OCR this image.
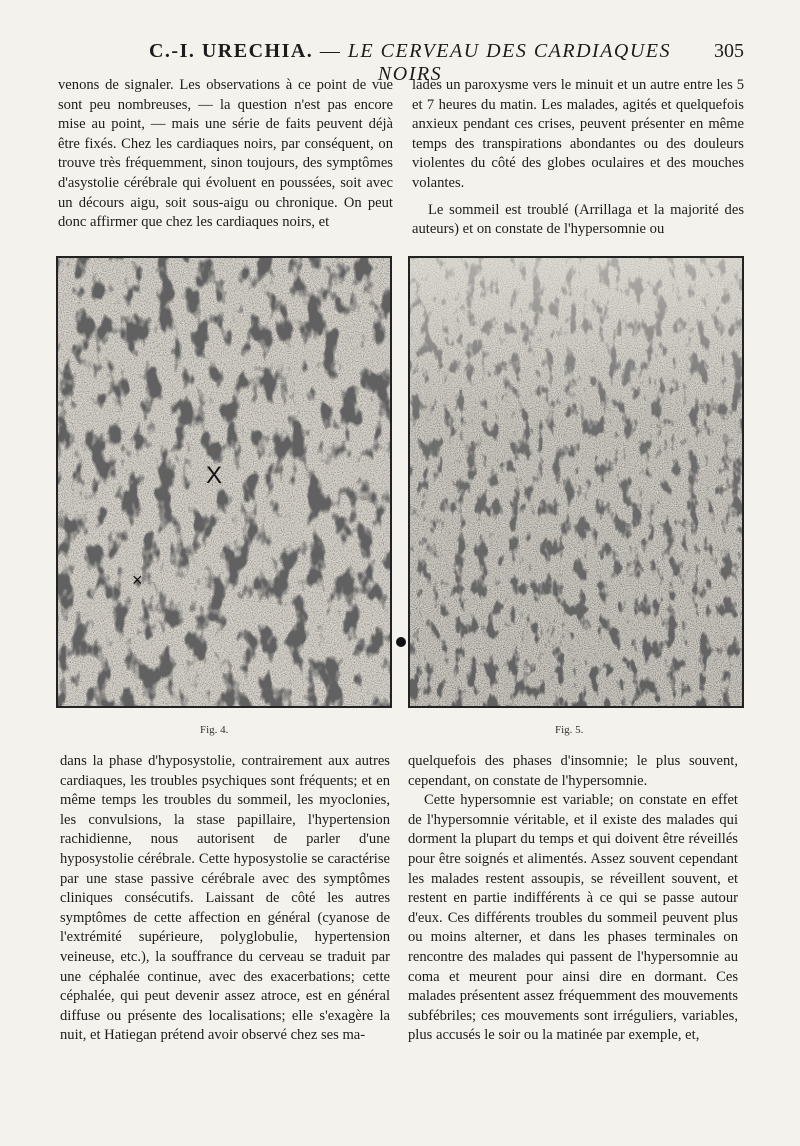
C.-I. URECHIA. — LE CERVEAU DES CARDIAQUES NOIRS
305

venons de signaler. Les observations à ce point de vue sont peu nombreuses, — la question n'est pas encore mise au point, — mais une série de faits peuvent déjà être fixés. Chez les cardiaques noirs, par conséquent, on trouve très fréquemment, sinon toujours, des symptômes d'asystolie cérébrale qui évoluent en poussées, soit avec un décours aigu, soit sous-aigu ou chronique. On peut donc affirmer que chez les cardiaques noirs, et

lades un paroxysme vers le minuit et un autre entre les 5 et 7 heures du matin. Les malades, agités et quelquefois anxieux pendant ces crises, peuvent présenter en même temps des transpirations abondantes ou des douleurs violentes du côté des globes oculaires et des mouches volantes.

Le sommeil est troublé (Arrillaga et la majorité des auteurs) et on constate de l'hypersomnie ou

X
×
Fig. 4.	Fig. 5.

dans la phase d'hyposystolie, contrairement aux autres cardiaques, les troubles psychiques sont fréquents; et en même temps les troubles du sommeil, les myoclonies, les convulsions, la stase papillaire, l'hypertension rachidienne, nous autorisent de parler d'une hyposystolie cérébrale. Cette hyposystolie se caractérise par une stase passive cérébrale avec des symptômes cliniques consécutifs. Laissant de côté les autres symptômes de cette affection en général (cyanose de l'extrémité supérieure, polyglobulie, hypertension veineuse, etc.), la souffrance du cerveau se traduit par une céphalée continue, avec des exacerbations; cette céphalée, qui peut devenir assez atroce, est en général diffuse ou présente des localisations; elle s'exagère la nuit, et Hatiegan prétend avoir observé chez ses ma-

quelquefois des phases d'insomnie; le plus souvent, cependant, on constate de l'hypersomnie.

Cette hypersomnie est variable; on constate en effet de l'hypersomnie véritable, et il existe des malades qui dorment la plupart du temps et qui doivent être réveillés pour être soignés et alimentés. Assez souvent cependant les malades restent assoupis, se réveillent souvent, et restent en partie indifférents à ce qui se passe autour d'eux. Ces différents troubles du sommeil peuvent plus ou moins alterner, et dans les phases terminales on rencontre des malades qui passent de l'hypersomnie au coma et meurent pour ainsi dire en dormant. Ces malades présentent assez fréquemment des mouvements subfébriles; ces mouvements sont irréguliers, variables, plus accusés le soir ou la matinée par exemple, et,
